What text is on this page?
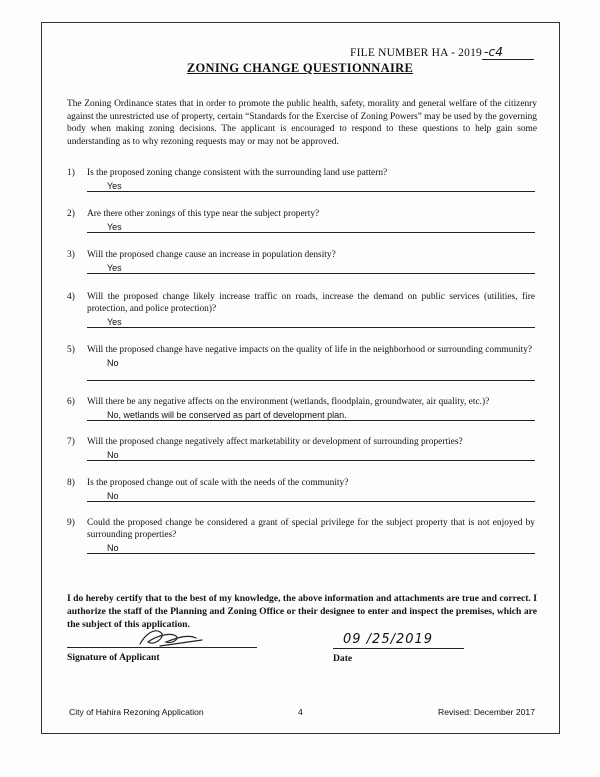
FILE NUMBER HA - 2019 -c4
ZONING CHANGE QUESTIONNAIRE
The Zoning Ordinance states that in order to promote the public health, safety, morality and general welfare of the citizenry against the unrestricted use of property, certain “Standards for the Exercise of Zoning Powers” may be used by the governing body when making zoning decisions. The applicant is encouraged to respond to these questions to help gain some understanding as to why rezoning requests may or may not be approved.
1)	Is the proposed zoning change consistent with the surrounding land use pattern?
Yes
2)	Are there other zonings of this type near the subject property?
Yes
3)	Will the proposed change cause an increase in population density?
Yes
4)	Will the proposed change likely increase traffic on roads, increase the demand on public services (utilities, fire protection, and police protection)?
Yes
5)	Will the proposed change have negative impacts on the quality of life in the neighborhood or surrounding community?
No
6)	Will there be any negative affects on the environment (wetlands, floodplain, groundwater, air quality, etc.)?
No, wetlands will be conserved as part of development plan.
7)	Will the proposed change negatively affect marketability or development of surrounding properties?
No
8)	Is the proposed change out of scale with the needs of the community?
No
9)	Could the proposed change be considered a grant of special privilege for the subject property that is not enjoyed by surrounding properties?
No
I do hereby certify that to the best of my knowledge, the above information and attachments are true and correct. I authorize the staff of the Planning and Zoning Office or their designee to enter and inspect the premises, which are the subject of this application.
Signature of Applicant
09 /25/2019
Date
City of Hahira Rezoning Application	4	Revised: December 2017
